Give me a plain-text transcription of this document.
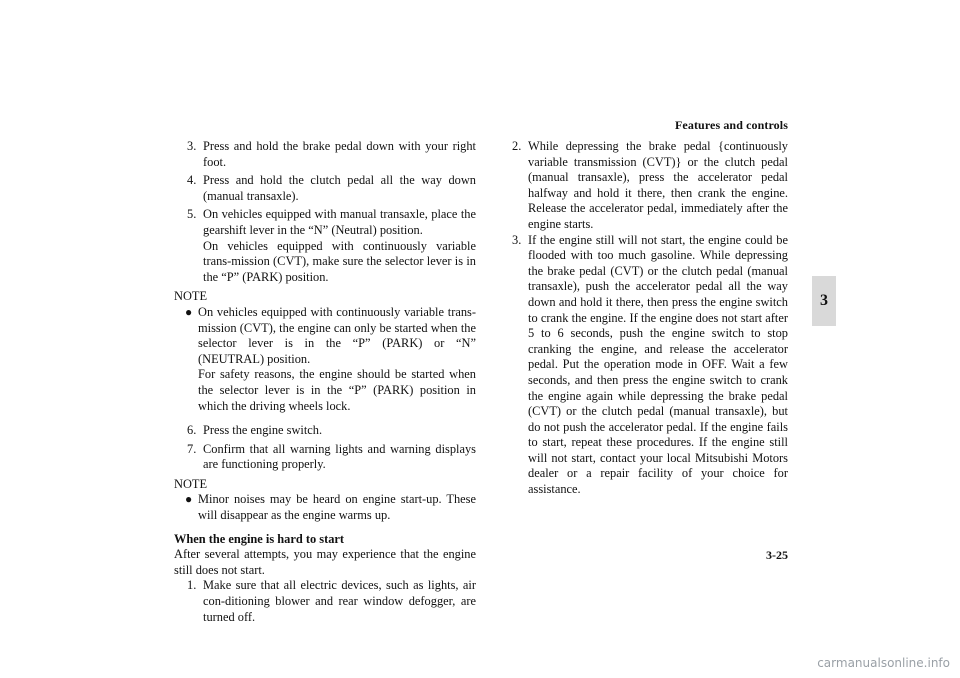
Features and controls
3
3. Press and hold the brake pedal down with your right foot.
4. Press and hold the clutch pedal all the way down (manual transaxle).
5. On vehicles equipped with manual transaxle, place the gearshift lever in the “N” (Neutral) position.
On vehicles equipped with continuously variable trans-mission (CVT), make sure the selector lever is in the “P” (PARK) position.
NOTE
● On vehicles equipped with continuously variable trans-mission (CVT), the engine can only be started when the selector lever is in the “P” (PARK) or “N” (NEUTRAL) position.
For safety reasons, the engine should be started when the selector lever is in the “P” (PARK) position in which the driving wheels lock.
6. Press the engine switch.
7. Confirm that all warning lights and warning displays are functioning properly.
NOTE
● Minor noises may be heard on engine start-up. These will disappear as the engine warms up.
When the engine is hard to start
After several attempts, you may experience that the engine still does not start.
1. Make sure that all electric devices, such as lights, air con-ditioning blower and rear window defogger, are turned off.
2. While depressing the brake pedal {continuously variable transmission (CVT)} or the clutch pedal (manual transaxle), press the accelerator pedal halfway and hold it there, then crank the engine. Release the accelerator pedal, immediately after the engine starts.
3. If the engine still will not start, the engine could be flooded with too much gasoline. While depressing the brake pedal (CVT) or the clutch pedal (manual transaxle), push the accelerator pedal all the way down and hold it there, then press the engine switch to crank the engine. If the engine does not start after 5 to 6 seconds, push the engine switch to stop cranking the engine, and release the accelerator pedal. Put the operation mode in OFF. Wait a few seconds, and then press the engine switch to crank the engine again while depressing the brake pedal (CVT) or the clutch pedal (manual transaxle), but do not push the accelerator pedal. If the engine fails to start, repeat these procedures. If the engine still will not start, contact your local Mitsubishi Motors dealer or a repair facility of your choice for assistance.
3-25
carmanualsonline.info
